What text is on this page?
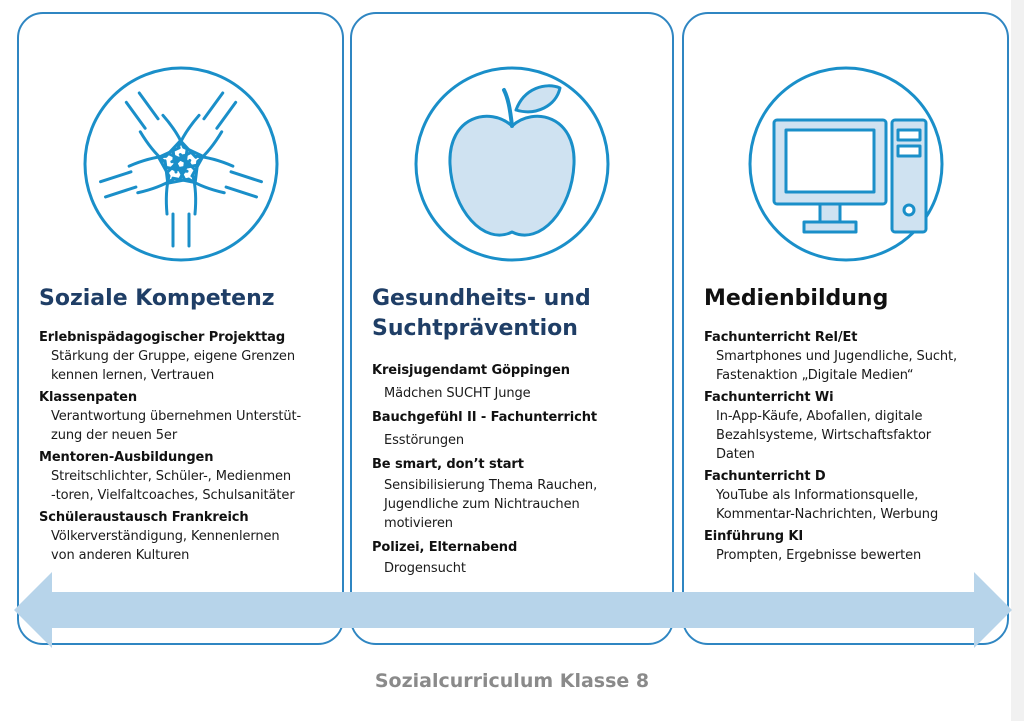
Soziale Kompetenz
Erlebnispädagogischer Projekttag
Stärkung der Gruppe, eigene Grenzen
kennen lernen, Vertrauen
Klassenpaten
Verantwortung übernehmen Unterstüt-
zung der neuen 5er
Mentoren-Ausbildungen
Streitschlichter, Schüler-, Medienmen
-toren, Vielfaltcoaches, Schulsanitäter
Schüleraustausch Frankreich
Völkerverständigung, Kennenlernen
von anderen Kulturen
Gesundheits- und
Suchtprävention
Kreisjugendamt Göppingen
Mädchen SUCHT Junge
Bauchgefühl II - Fachunterricht
Esstörungen
Be smart, don’t start
Sensibilisierung Thema Rauchen,
Jugendliche zum Nichtrauchen
motivieren
Polizei, Elternabend
Drogensucht
Medienbildung
Fachunterricht Rel/Et
Smartphones und Jugendliche, Sucht,
Fastenaktion „Digitale Medien“
Fachunterricht Wi
In-App-Käufe, Abofallen, digitale
Bezahlsysteme, Wirtschaftsfaktor
Daten
Fachunterricht D
YouTube als Informationsquelle,
Kommentar-Nachrichten, Werbung
Einführung KI
Prompten, Ergebnisse bewerten
Sozialcurriculum Klasse 8
